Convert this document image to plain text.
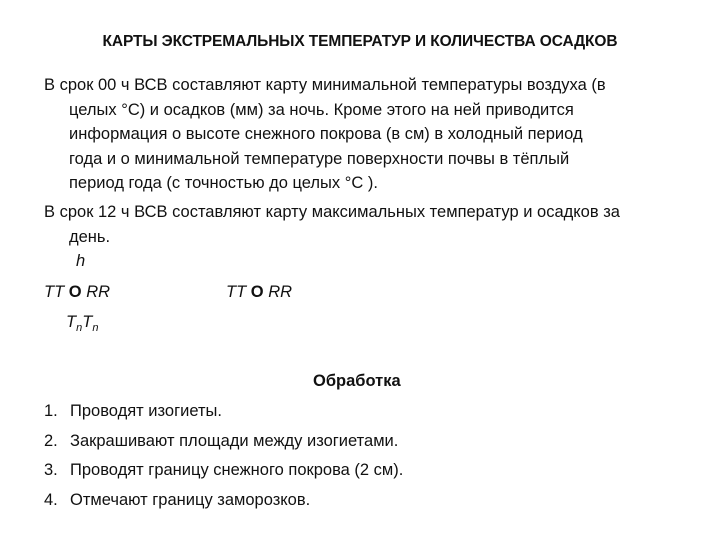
КАРТЫ ЭКСТРЕМАЛЬНЫХ ТЕМПЕРАТУР И КОЛИЧЕСТВА ОСАДКОВ
В срок 00 ч ВСВ составляют карту минимальной температуры воздуха (в
целых °С) и осадков (мм) за ночь. Кроме этого на ней приводится
информация о высоте снежного покрова (в см) в холодный период
года и о минимальной температуре поверхности почвы в тёплый
период года (с точностью до целых °С ).
В срок 12 ч ВСВ составляют карту максимальных температур и осадков за
день.
h
TT O RR	TT O RR
$T_nT_n$
Обработка
1. Проводят изогиеты.
2. Закрашивают площади между изогиетами.
3. Проводят границу снежного покрова (2 см).
4. Отмечают границу заморозков.
